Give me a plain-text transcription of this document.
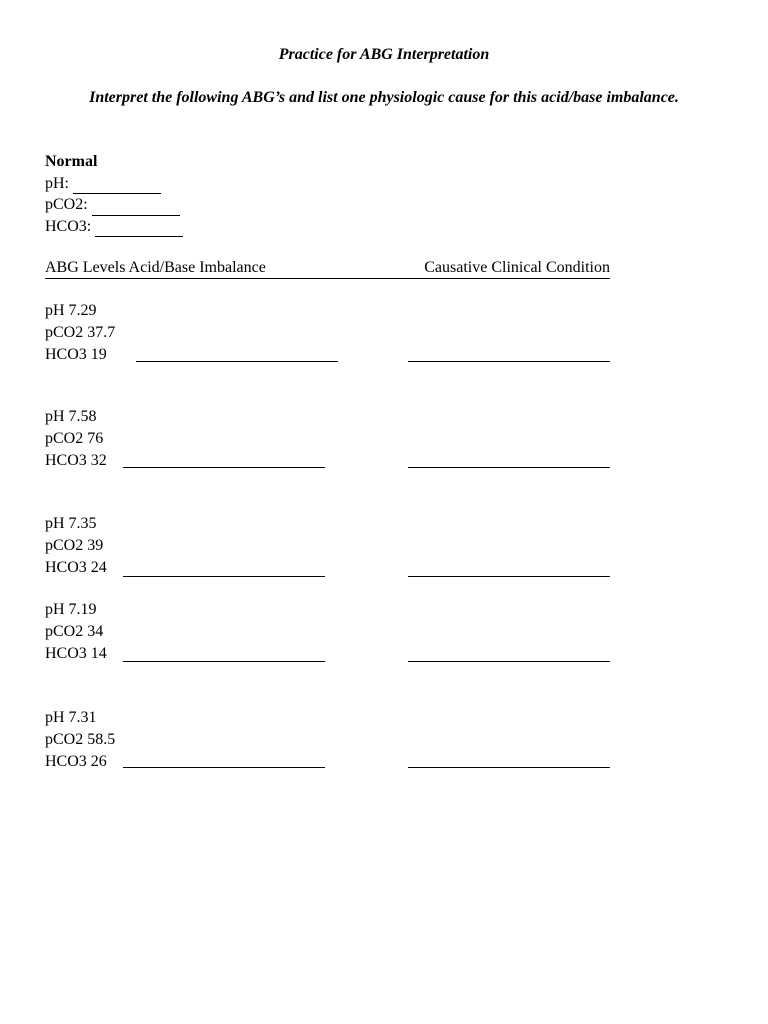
Practice for ABG Interpretation
Interpret the following ABG’s and list one physiologic cause for this acid/base imbalance.
Normal
pH:
pCO2:
HCO3:
ABG Levels Acid/Base Imbalance	Causative Clinical Condition
pH 7.29
pCO2 37.7
HCO3 19
pH 7.58
pCO2 76
HCO3 32
pH 7.35
pCO2 39
HCO3 24
pH 7.19
pCO2 34
HCO3 14
pH 7.31
pCO2 58.5
HCO3 26
